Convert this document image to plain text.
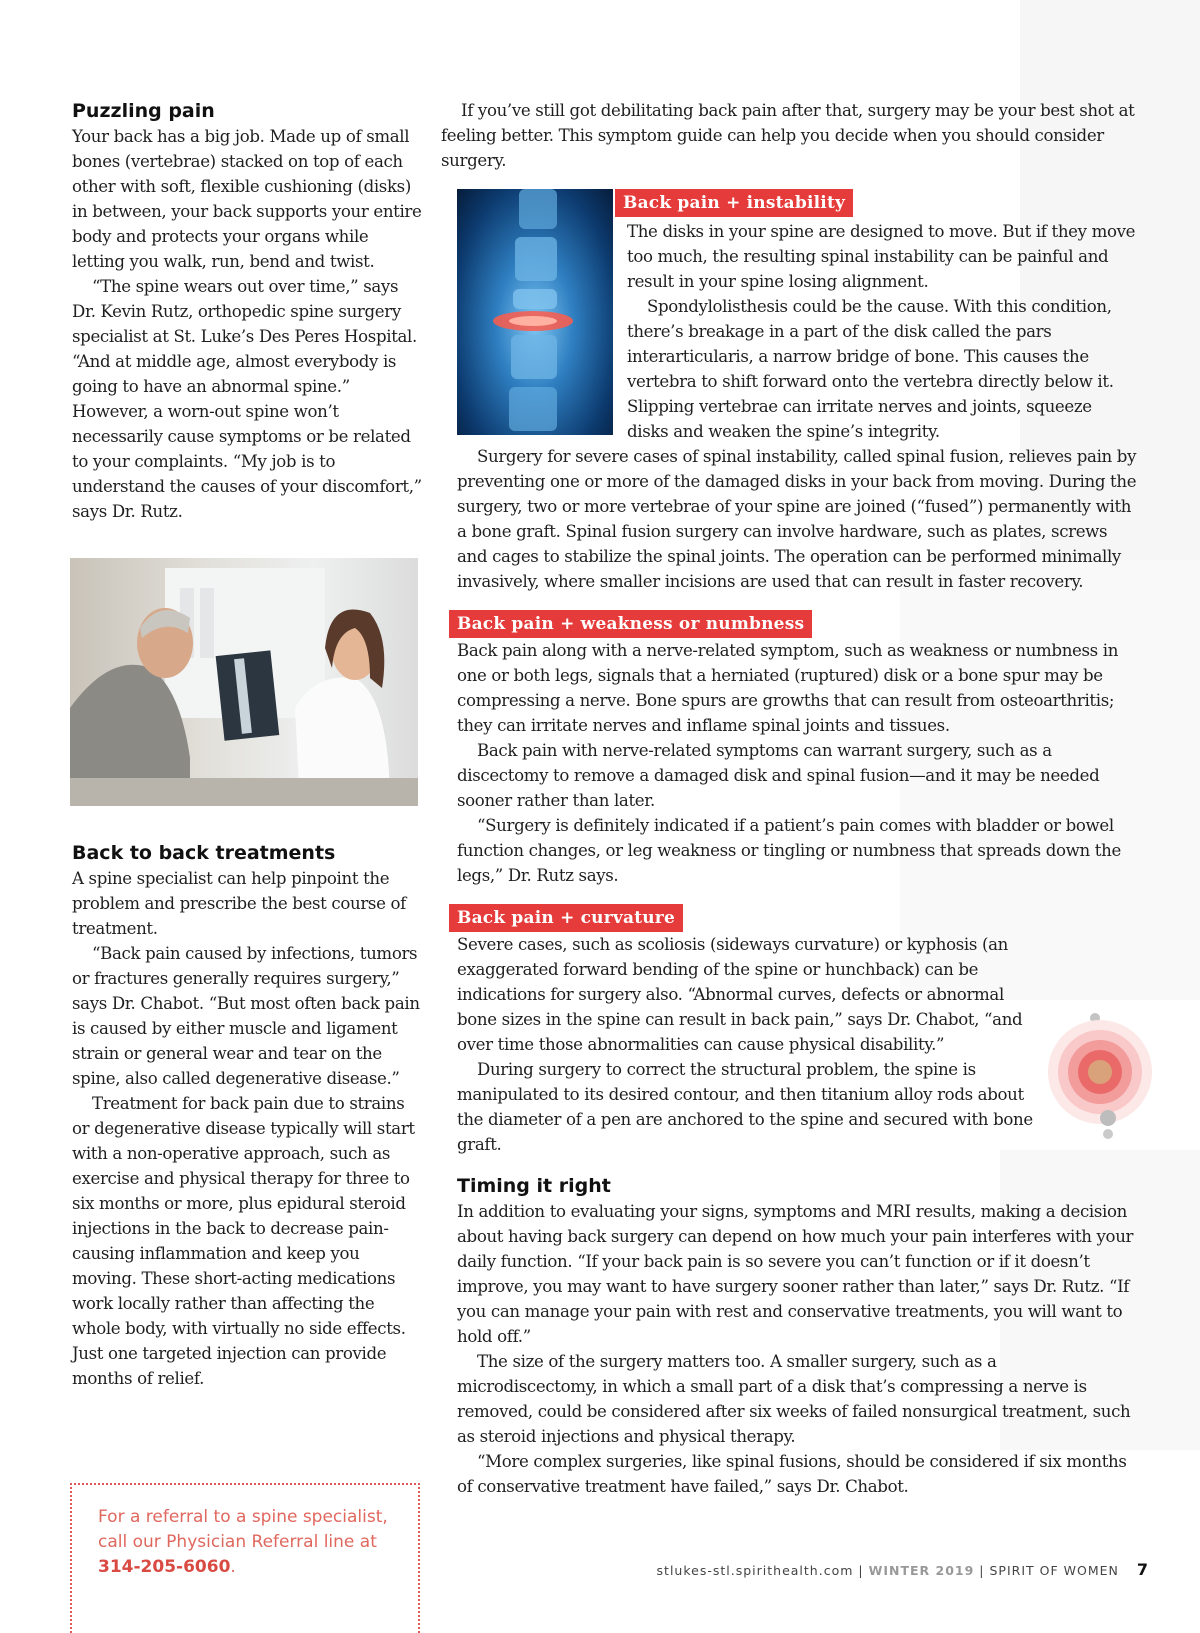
Puzzling pain

Your back has a big job. Made up of small bones (vertebrae) stacked on top of each other with soft, flexible cushioning (disks) in between, your back supports your entire body and protects your organs while letting you walk, run, bend and twist.

“The spine wears out over time,” says Dr. Kevin Rutz, orthopedic spine surgery specialist at St. Luke’s Des Peres Hospital. “And at middle age, almost everybody is going to have an abnormal spine.” However, a worn-out spine won’t necessarily cause symptoms or be related to your complaints. “My job is to understand the causes of your discomfort,” says Dr. Rutz.

Back to back treatments

A spine specialist can help pinpoint the problem and prescribe the best course of treatment.

“Back pain caused by infections, tumors or fractures generally requires surgery,” says Dr. Chabot. “But most often back pain is caused by either muscle and ligament strain or general wear and tear on the spine, also called degenerative disease.”

Treatment for back pain due to strains or degenerative disease typically will start with a non-operative approach, such as exercise and physical therapy for three to six months or more, plus epidural steroid injections in the back to decrease pain-causing inflammation and keep you moving. These short-acting medications work locally rather than affecting the whole body, with virtually no side effects. Just one targeted injection can provide months of relief.

For a referral to a spine specialist, call our Physician Referral line at 314-205-6060.

If you’ve still got debilitating back pain after that, surgery may be your best shot at feeling better. This symptom guide can help you decide when you should consider surgery.

Back pain + instability

The disks in your spine are designed to move. But if they move too much, the resulting spinal instability can be painful and result in your spine losing alignment.

Spondylolisthesis could be the cause. With this condition, there’s breakage in a part of the disk called the pars interarticularis, a narrow bridge of bone. This causes the vertebra to shift forward onto the vertebra directly below it. Slipping vertebrae can irritate nerves and joints, squeeze disks and weaken the spine’s integrity.

Surgery for severe cases of spinal instability, called spinal fusion, relieves pain by preventing one or more of the damaged disks in your back from moving. During the surgery, two or more vertebrae of your spine are joined (“fused”) permanently with a bone graft. Spinal fusion surgery can involve hardware, such as plates, screws and cages to stabilize the spinal joints. The operation can be performed minimally invasively, where smaller incisions are used that can result in faster recovery.

Back pain + weakness or numbness

Back pain along with a nerve-related symptom, such as weakness or numbness in one or both legs, signals that a herniated (ruptured) disk or a bone spur may be compressing a nerve. Bone spurs are growths that can result from osteoarthritis; they can irritate nerves and inflame spinal joints and tissues.

Back pain with nerve-related symptoms can warrant surgery, such as a discectomy to remove a damaged disk and spinal fusion—and it may be needed sooner rather than later.

“Surgery is definitely indicated if a patient’s pain comes with bladder or bowel function changes, or leg weakness or tingling or numbness that spreads down the legs,” Dr. Rutz says.

Back pain + curvature

Severe cases, such as scoliosis (sideways curvature) or kyphosis (an exaggerated forward bending of the spine or hunchback) can be indications for surgery also. “Abnormal curves, defects or abnormal bone sizes in the spine can result in back pain,” says Dr. Chabot, “and over time those abnormalities can cause physical disability.”

During surgery to correct the structural problem, the spine is manipulated to its desired contour, and then titanium alloy rods about the diameter of a pen are anchored to the spine and secured with bone graft.

Timing it right

In addition to evaluating your signs, symptoms and MRI results, making a decision about having back surgery can depend on how much your pain interferes with your daily function. “If your back pain is so severe you can’t function or if it doesn’t improve, you may want to have surgery sooner rather than later,” says Dr. Rutz. “If you can manage your pain with rest and conservative treatments, you will want to hold off.”

The size of the surgery matters too. A smaller surgery, such as a microdiscectomy, in which a small part of a disk that’s compressing a nerve is removed, could be considered after six weeks of failed nonsurgical treatment, such as steroid injections and physical therapy.

“More complex surgeries, like spinal fusions, should be considered if six months of conservative treatment have failed,” says Dr. Chabot.

stlukes-stl.spirithealth.com | WINTER 2019 | SPIRIT OF WOMEN 7
